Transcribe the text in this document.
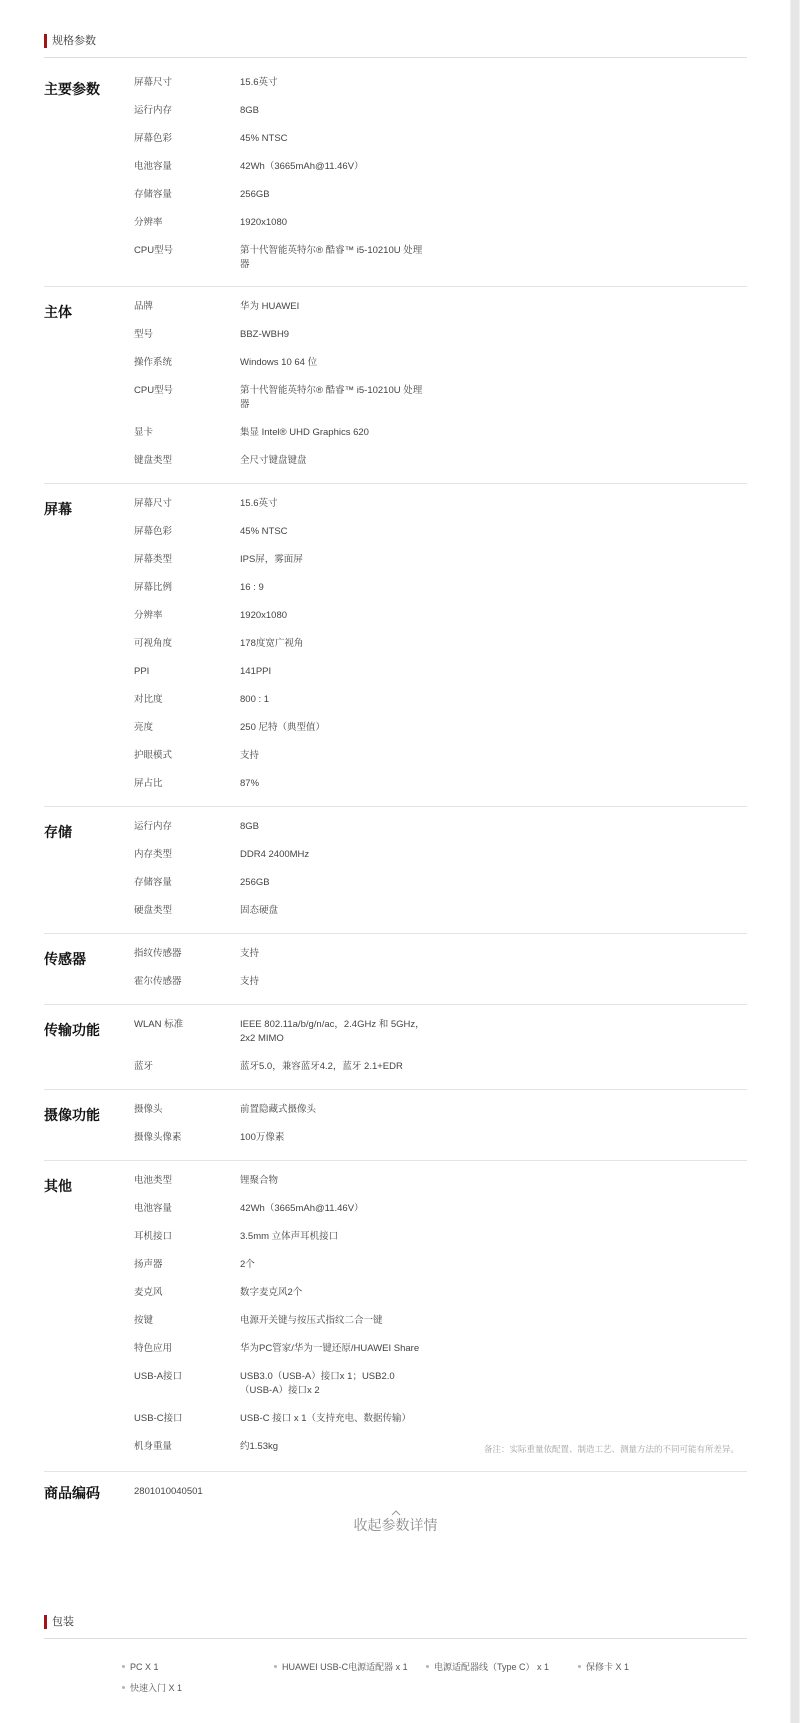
规格参数
主要参数	屏幕尺寸	15.6英寸
运行内存	8GB
屏幕色彩	45% NTSC
电池容量	42Wh（3665mAh@11.46V）
存储容量	256GB
分辨率	1920x1080
CPU型号	第十代智能英特尔® 酷睿™ i5-10210U 处理器
主体	品牌	华为 HUAWEI
型号	BBZ-WBH9
操作系统	Windows 10 64 位
CPU型号	第十代智能英特尔® 酷睿™ i5-10210U 处理器
显卡	集显 Intel® UHD Graphics 620
键盘类型	全尺寸键盘键盘
屏幕	屏幕尺寸	15.6英寸
屏幕色彩	45% NTSC
屏幕类型	IPS屏，雾面屏
屏幕比例	16 : 9
分辨率	1920x1080
可视角度	178度宽广视角
PPI	141PPI
对比度	800 : 1
亮度	250 尼特（典型值）
护眼模式	支持
屏占比	87%
存储	运行内存	8GB
内存类型	DDR4 2400MHz
存储容量	256GB
硬盘类型	固态硬盘
传感器	指纹传感器	支持
霍尔传感器	支持
传输功能	WLAN 标准	IEEE 802.11a/b/g/n/ac，2.4GHz 和 5GHz，2x2 MIMO
蓝牙	蓝牙5.0，兼容蓝牙4.2，蓝牙 2.1+EDR
摄像功能	摄像头	前置隐藏式摄像头
摄像头像素	100万像素
其他	电池类型	锂聚合物
电池容量	42Wh（3665mAh@11.46V）
耳机接口	3.5mm 立体声耳机接口
扬声器	2个
麦克风	数字麦克风2个
按键	电源开关键与按压式指纹二合一键
特色应用	华为PC管家/华为一键还原/HUAWEI Share
USB-A接口	USB3.0（USB-A）接口x 1；USB2.0（USB-A）接口x 2
USB-C接口	USB-C 接口 x 1（支持充电、数据传输）
机身重量	约1.53kg	备注：实际重量依配置、制造工艺、测量方法的不同可能有所差异。
商品编码	2801010040501
收起参数详情
包装
PC X 1	HUAWEI USB-C电源适配器 x 1	电源适配器线（Type C） x 1	保修卡 X 1
快速入门 X 1
